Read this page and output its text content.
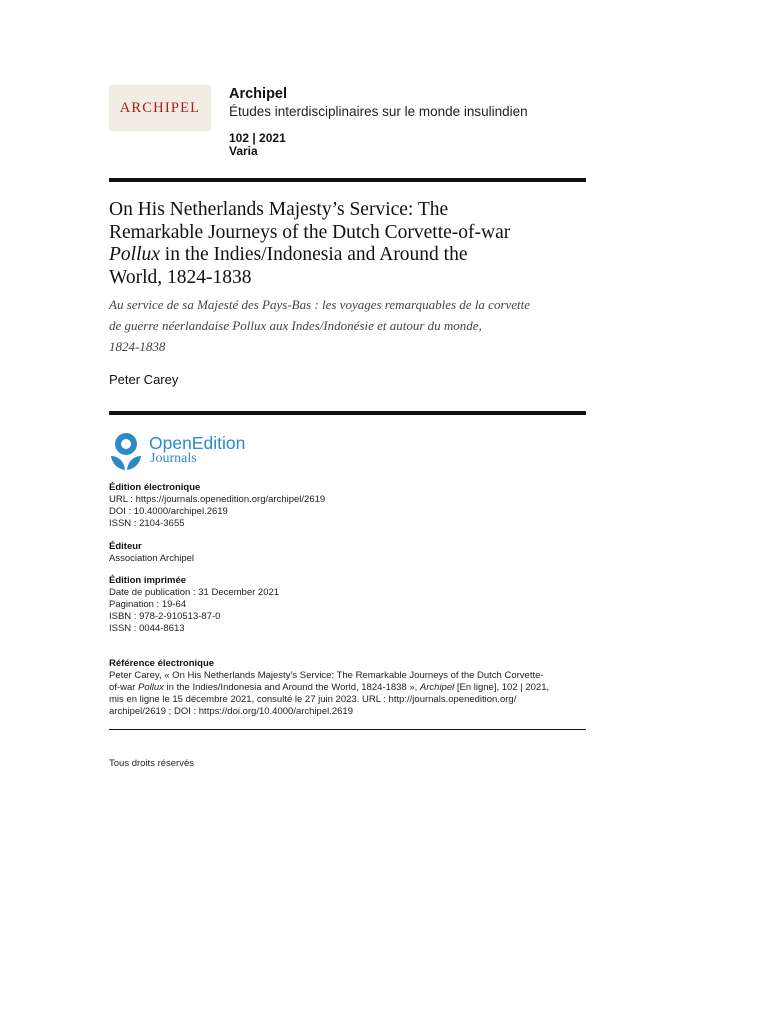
ARCHIPEL
Archipel
Études interdisciplinaires sur le monde insulindien
102 | 2021
Varia
On His Netherlands Majesty’s Service: The
Remarkable Journeys of the Dutch Corvette-of-war
Pollux in the Indies/Indonesia and Around the
World, 1824-1838
Au service de sa Majesté des Pays-Bas : les voyages remarquables de la corvette
de guerre néerlandaise Pollux aux Indes/Indonésie et autour du monde,
1824-1838
Peter Carey
OpenEdition
Journals
Édition électronique
URL : https://journals.openedition.org/archipel/2619
DOI : 10.4000/archipel.2619
ISSN : 2104-3655
Éditeur
Association Archipel
Édition imprimée
Date de publication : 31 December 2021
Pagination : 19-64
ISBN : 978-2-910513-87-0
ISSN : 0044-8613
Référence électronique
Peter Carey, « On His Netherlands Majesty’s Service: The Remarkable Journeys of the Dutch Corvette-
of-war Pollux in the Indies/Indonesia and Around the World, 1824-1838 », Archipel [En ligne], 102 | 2021,
mis en ligne le 15 décembre 2021, consulté le 27 juin 2023. URL : http://journals.openedition.org/
archipel/2619 ; DOI : https://doi.org/10.4000/archipel.2619
Tous droits réservés
